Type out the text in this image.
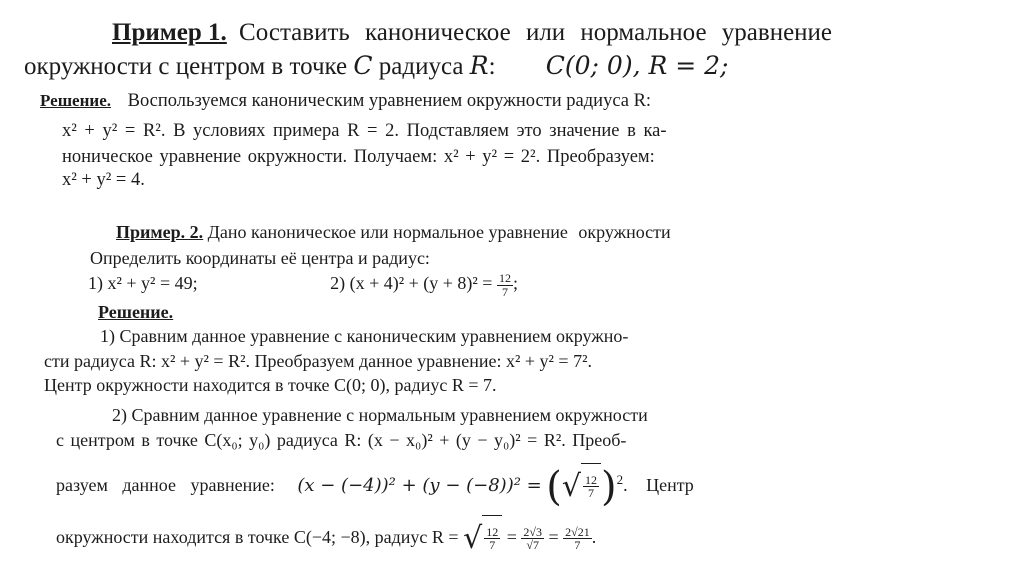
Пример 1. Составить каноническое или нормальное уравнение
окружности с центром в точке C радиуса R: C(0; 0), R = 2;
Решение. Воспользуемся каноническим уравнением окружности радиуса R:
x² + y² = R². В условиях примера R = 2. Подставляем это значение в ка-
ноническое уравнение окружности. Получаем: x² + y² = 2². Преобразуем:
x² + y² = 4.
Пример. 2. Дано каноническое или нормальное уравнение окружности
Определить координаты её центра и радиус:
1) x² + y² = 49;	2) $(x + 4)^2 + (y + 8)^2 = \frac{12}{7}$ ;
Решение.
1) Сравним данное уравнение с каноническим уравнением окружно-
сти радиуса R: x² + y² = R². Преобразуем данное уравнение: x² + y² = 7².
Центр окружности находится в точке C(0; 0), радиус R = 7.
2) Сравним данное уравнение с нормальным уравнением окружности
с центром в точке C(x₀; y₀) радиуса R: (x − x₀)² + (y − y₀)² = R². Преоб-
разуем данное уравнение: (x − (−4))² + (y − (−8))² = (√ $\frac{12}{7} )^2$. Центр
окружности находится в точке C(−4; −8), радиус R = √ $\frac{12}{7} = \frac{2√3}{√7} = \frac{2√21}{7}$ .
